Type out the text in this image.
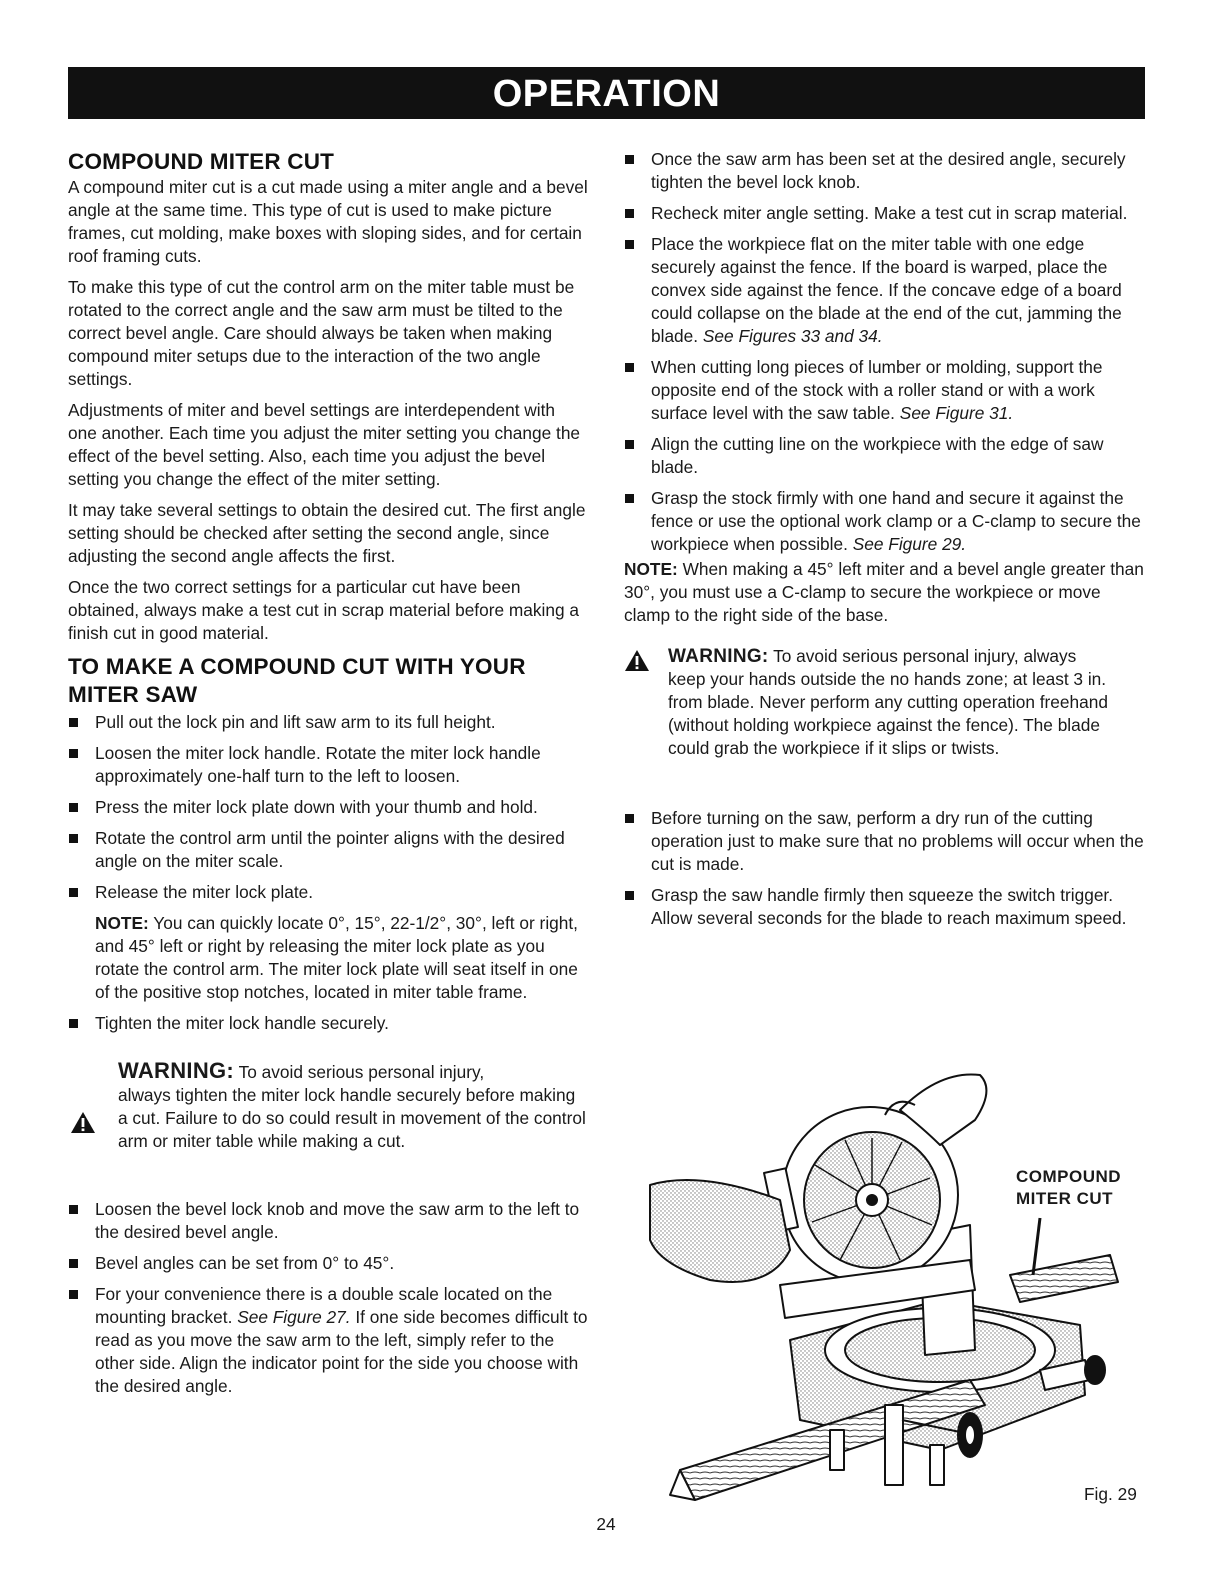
OPERATION
COMPOUND MITER CUT

A compound miter cut is a cut made using a miter angle and a bevel angle at the same time. This type of cut is used to make picture frames, cut molding, make boxes with sloping sides, and for certain roof framing cuts.

To make this type of cut the control arm on the miter table must be rotated to the correct angle and the saw arm must be tilted to the correct bevel angle. Care should always be taken when making compound miter setups due to the interaction of the two angle settings.

Adjustments of miter and bevel settings are interdependent with one another. Each time you adjust the miter setting you change the effect of the bevel setting. Also, each time you adjust the bevel setting you change the effect of the miter setting.

It may take several settings to obtain the desired cut. The first angle setting should be checked after setting the second angle, since adjusting the second angle affects the first.

Once the two correct settings for a particular cut have been obtained, always make a test cut in scrap material before making a finish cut in good material.

TO MAKE A COMPOUND CUT WITH YOUR
MITER SAW
Pull out the lock pin and lift saw arm to its full height.
Loosen the miter lock handle. Rotate the miter lock handle approximately one-half turn to the left to loosen.
Press the miter lock plate down with your thumb and hold.
Rotate the control arm until the pointer aligns with the desired angle on the miter scale.
Release the miter lock plate.
NOTE: You can quickly locate 0°, 15°, 22-1/2°, 30°, left or right, and 45° left or right by releasing the miter lock plate as you rotate the control arm. The miter lock plate will seat itself in one of the positive stop notches, located in miter table frame.
Tighten the miter lock handle securely.
WARNING: To avoid serious personal injury,
always tighten the miter lock handle securely before making a cut. Failure to do so could result in movement of the control arm or miter table while making a cut.
Loosen the bevel lock knob and move the saw arm to the left to the desired bevel angle.
Bevel angles can be set from 0° to 45°.
For your convenience there is a double scale located on the mounting bracket. See Figure 27. If one side becomes difficult to read as you move the saw arm to the left, simply refer to the other side. Align the indicator point for the side you choose with the desired angle.
Once the saw arm has been set at the desired angle, securely tighten the bevel lock knob.
Recheck miter angle setting. Make a test cut in scrap material.
Place the workpiece flat on the miter table with one edge securely against the fence. If the board is warped, place the convex side against the fence. If the concave edge of a board could collapse on the blade at the end of the cut, jamming the blade. See Figures 33 and 34.
When cutting long pieces of lumber or molding, support the opposite end of the stock with a roller stand or with a work surface level with the saw table. See Figure 31.
Align the cutting line on the workpiece with the edge of saw blade.
Grasp the stock firmly with one hand and secure it against the fence or use the optional work clamp or a C-clamp to secure the workpiece when possible. See Figure 29.

NOTE: When making a 45° left miter and a bevel angle greater than 30°, you must use a C-clamp to secure the workpiece or move clamp to the right side of the base.

WARNING: To avoid serious personal injury, always
keep your hands outside the no hands zone; at least 3 in. from blade. Never perform any cutting operation freehand (without holding workpiece against the fence). The blade could grab the workpiece if it slips or twists.
Before turning on the saw, perform a dry run of the cutting operation just to make sure that no problems will occur when the cut is made.
Grasp the saw handle firmly then squeeze the switch trigger. Allow several seconds for the blade to reach maximum speed.
COMPOUND
MITER CUT
Fig. 29
24
